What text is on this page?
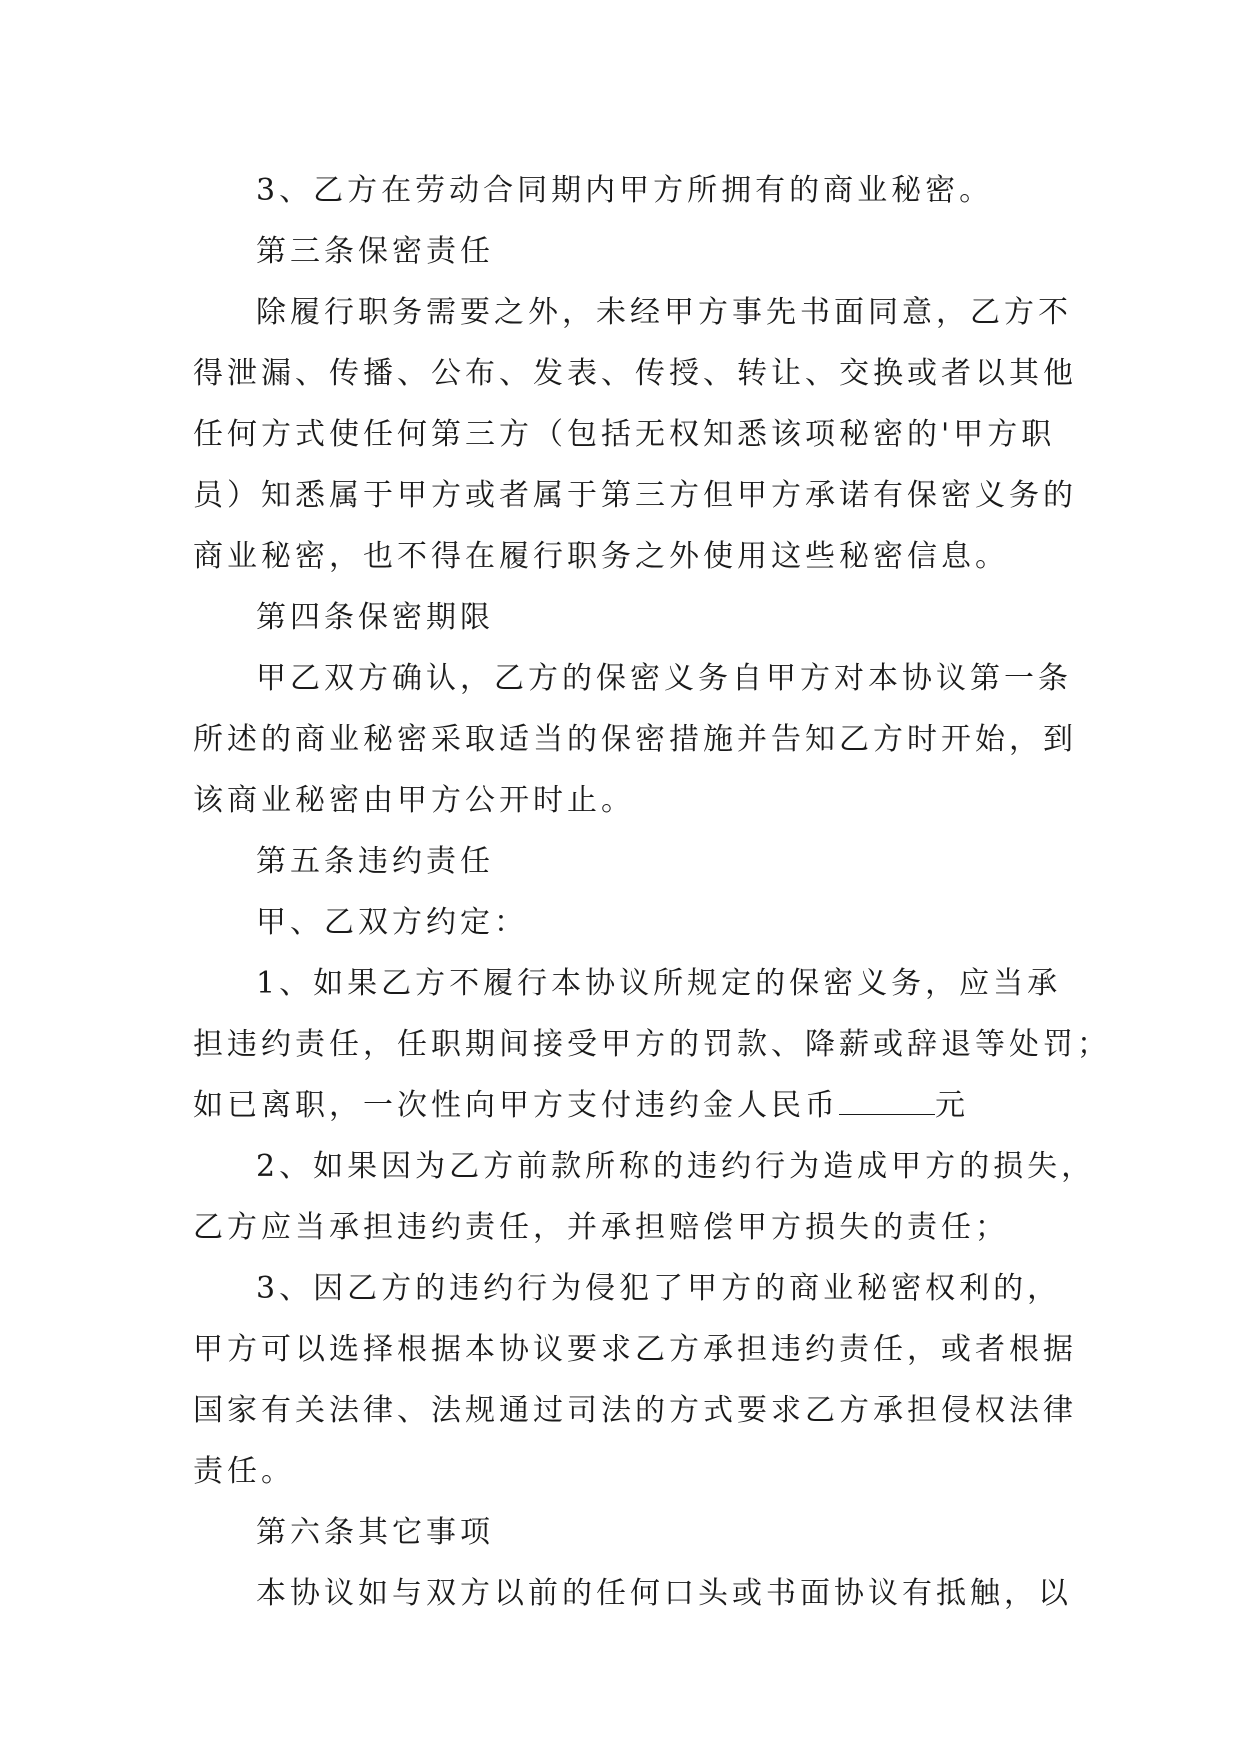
3、乙方在劳动合同期内甲方所拥有的商业秘密。
第三条保密责任
除履行职务需要之外，未经甲方事先书面同意，乙方不
得泄漏、传播、公布、发表、传授、转让、交换或者以其他
任何方式使任何第三方（包括无权知悉该项秘密的'甲方职
员）知悉属于甲方或者属于第三方但甲方承诺有保密义务的
商业秘密，也不得在履行职务之外使用这些秘密信息。
第四条保密期限
甲乙双方确认，乙方的保密义务自甲方对本协议第一条
所述的商业秘密采取适当的保密措施并告知乙方时开始，到
该商业秘密由甲方公开时止。
第五条违约责任
甲、乙双方约定：
1、如果乙方不履行本协议所规定的保密义务，应当承
担违约责任，任职期间接受甲方的罚款、降薪或辞退等处罚；
如已离职，一次性向甲方支付违约金人民币	元
2、如果因为乙方前款所称的违约行为造成甲方的损失，
乙方应当承担违约责任，并承担赔偿甲方损失的责任；
3、因乙方的违约行为侵犯了甲方的商业秘密权利的，
甲方可以选择根据本协议要求乙方承担违约责任，或者根据
国家有关法律、法规通过司法的方式要求乙方承担侵权法律
责任。
第六条其它事项
本协议如与双方以前的任何口头或书面协议有抵触，以
